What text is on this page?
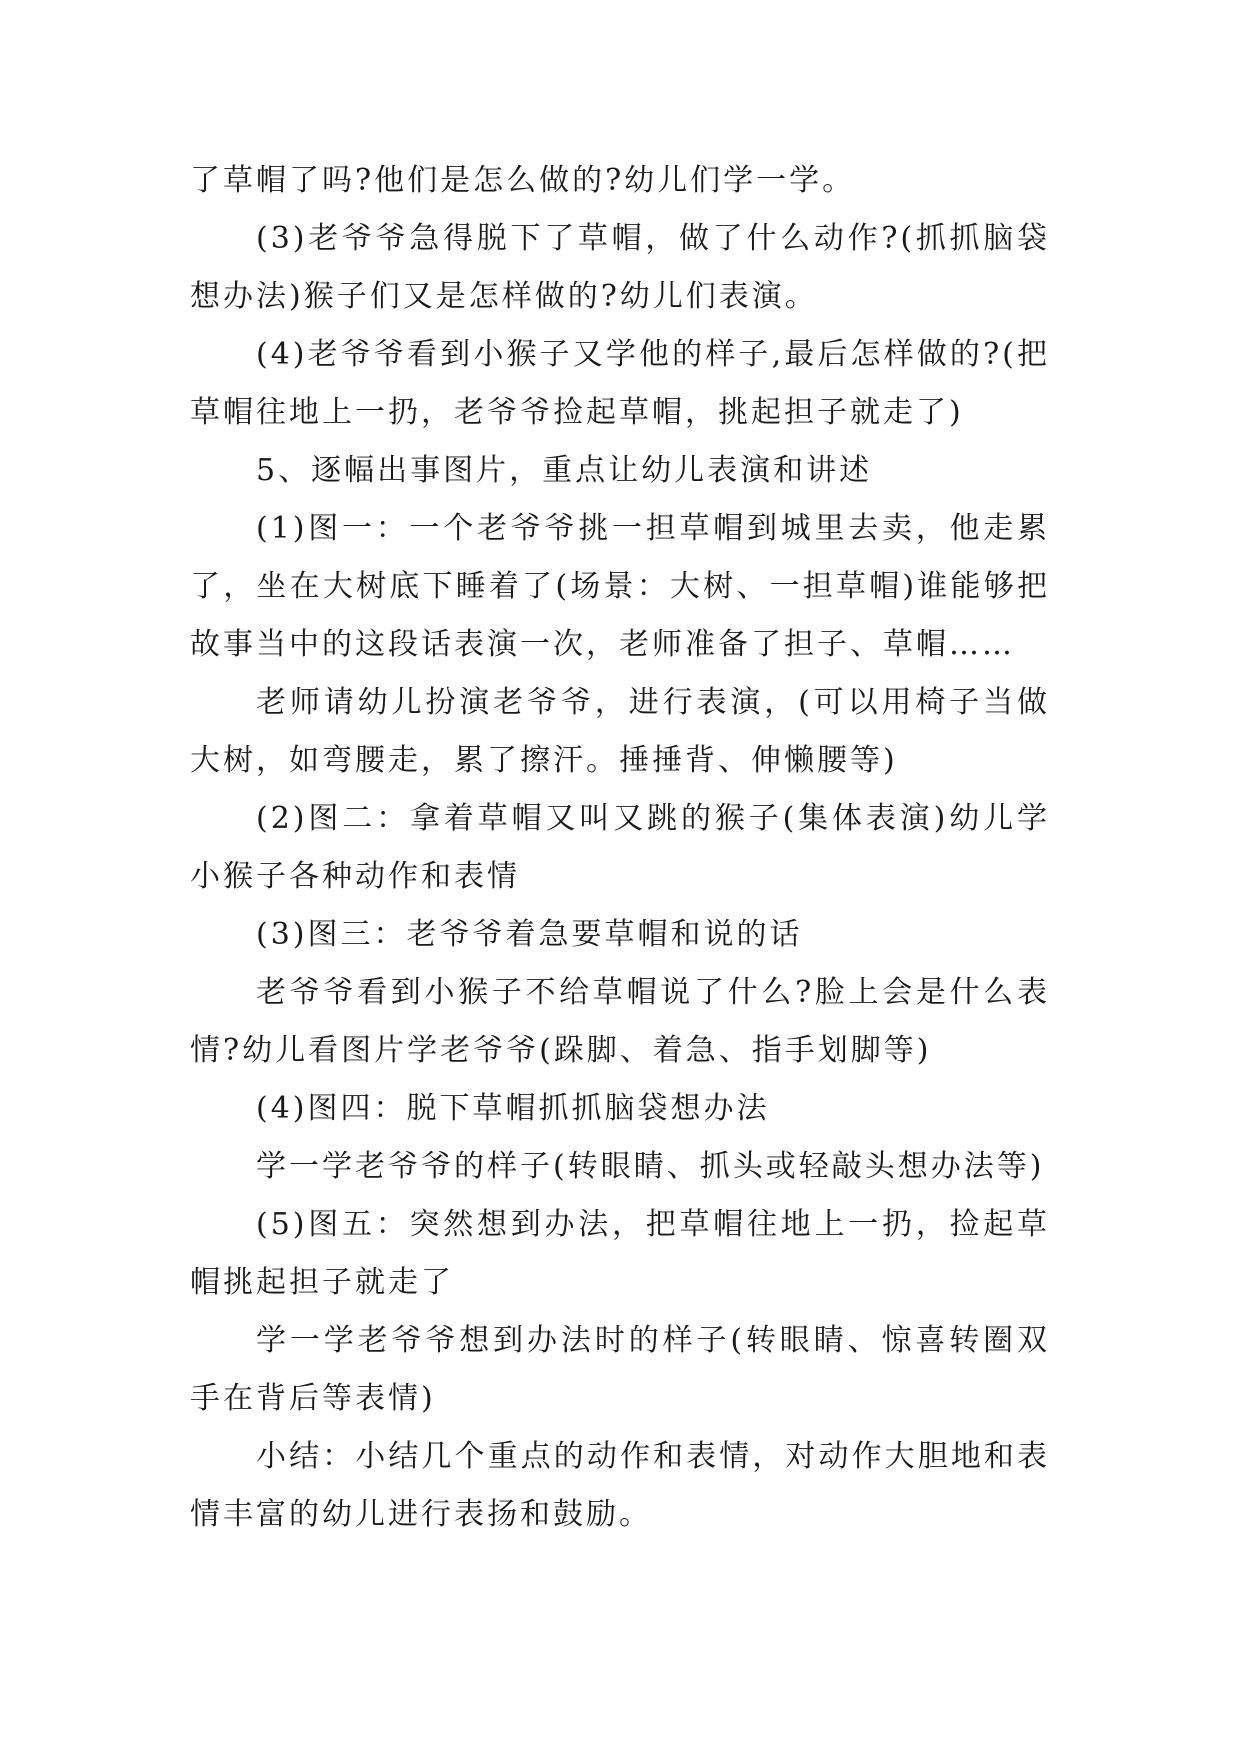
了草帽了吗?他们是怎么做的?幼儿们学一学。

(3)老爷爷急得脱下了草帽，做了什么动作?(抓抓脑袋想办法)猴子们又是怎样做的?幼儿们表演。

(4)老爷爷看到小猴子又学他的样子,最后怎样做的?(把草帽往地上一扔，老爷爷捡起草帽，挑起担子就走了)

5、逐幅出事图片，重点让幼儿表演和讲述

(1)图一：一个老爷爷挑一担草帽到城里去卖，他走累了，坐在大树底下睡着了(场景：大树、一担草帽)谁能够把故事当中的这段话表演一次，老师准备了担子、草帽……

老师请幼儿扮演老爷爷，进行表演，(可以用椅子当做大树，如弯腰走，累了擦汗。捶捶背、伸懒腰等)

(2)图二：拿着草帽又叫又跳的猴子(集体表演)幼儿学小猴子各种动作和表情

(3)图三：老爷爷着急要草帽和说的话

老爷爷看到小猴子不给草帽说了什么?脸上会是什么表情?幼儿看图片学老爷爷(跺脚、着急、指手划脚等)

(4)图四：脱下草帽抓抓脑袋想办法

学一学老爷爷的样子(转眼睛、抓头或轻敲头想办法等)

(5)图五：突然想到办法，把草帽往地上一扔，捡起草帽挑起担子就走了

学一学老爷爷想到办法时的样子(转眼睛、惊喜转圈双手在背后等表情)

小结：小结几个重点的动作和表情，对动作大胆地和表情丰富的幼儿进行表扬和鼓励。
